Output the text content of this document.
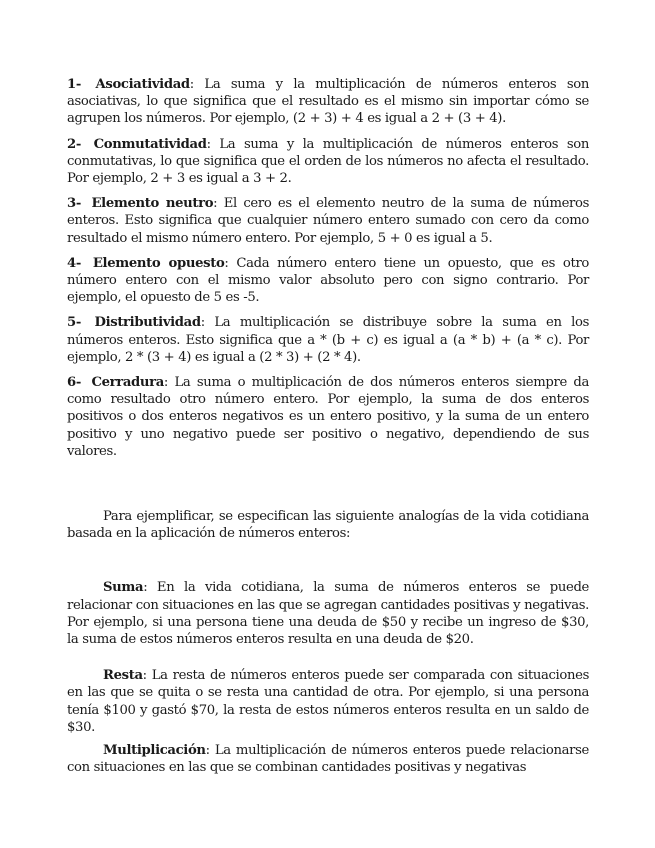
1- Asociatividad: La suma y la multiplicación de números enteros son asociativas, lo que significa que el resultado es el mismo sin importar cómo se agrupen los números. Por ejemplo, (2 + 3) + 4 es igual a 2 + (3 + 4).

2- Conmutatividad: La suma y la multiplicación de números enteros son conmutativas, lo que significa que el orden de los números no afecta el resultado. Por ejemplo, 2 + 3 es igual a 3 + 2.

3- Elemento neutro: El cero es el elemento neutro de la suma de números enteros. Esto significa que cualquier número entero sumado con cero da como resultado el mismo número entero. Por ejemplo, 5 + 0 es igual a 5.

4- Elemento opuesto: Cada número entero tiene un opuesto, que es otro número entero con el mismo valor absoluto pero con signo contrario. Por ejemplo, el opuesto de 5 es -5.

5- Distributividad: La multiplicación se distribuye sobre la suma en los números enteros. Esto significa que a * (b + c) es igual a (a * b) + (a * c). Por ejemplo, 2 * (3 + 4) es igual a (2 * 3) + (2 * 4).

6- Cerradura: La suma o multiplicación de dos números enteros siempre da como resultado otro número entero. Por ejemplo, la suma de dos enteros positivos o dos enteros negativos es un entero positivo, y la suma de un entero positivo y uno negativo puede ser positivo o negativo, dependiendo de sus valores.

Para ejemplificar, se especifican las siguiente analogías de la vida cotidiana basada en la aplicación de números enteros:

Suma: En la vida cotidiana, la suma de números enteros se puede relacionar con situaciones en las que se agregan cantidades positivas y negativas. Por ejemplo, si una persona tiene una deuda de $50 y recibe un ingreso de $30, la suma de estos números enteros resulta en una deuda de $20.

Resta: La resta de números enteros puede ser comparada con situaciones en las que se quita o se resta una cantidad de otra. Por ejemplo, si una persona tenía $100 y gastó $70, la resta de estos números enteros resulta en un saldo de $30.

Multiplicación: La multiplicación de números enteros puede relacionarse con situaciones en las que se combinan cantidades positivas y negativas
